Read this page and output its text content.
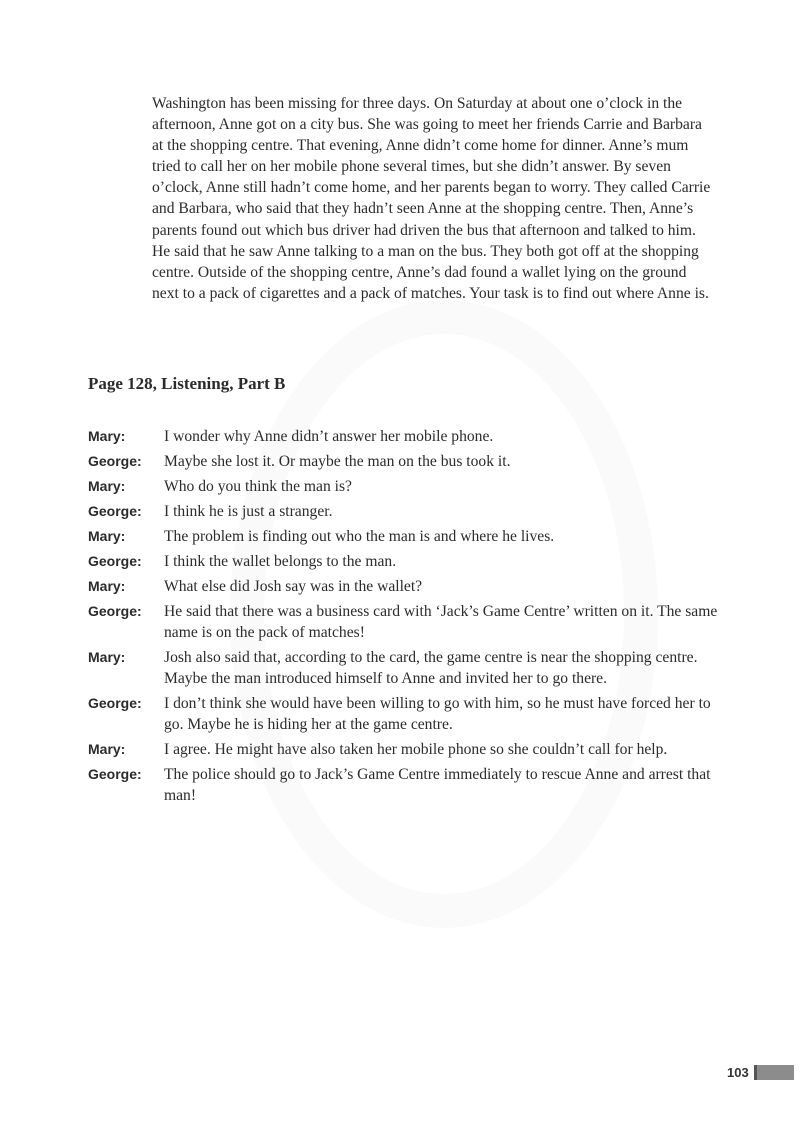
Washington has been missing for three days. On Saturday at about one o’clock in the afternoon, Anne got on a city bus. She was going to meet her friends Carrie and Barbara at the shopping centre. That evening, Anne didn’t come home for dinner. Anne’s mum tried to call her on her mobile phone several times, but she didn’t answer. By seven o’clock, Anne still hadn’t come home, and her parents began to worry. They called Carrie and Barbara, who said that they hadn’t seen Anne at the shopping centre. Then, Anne’s parents found out which bus driver had driven the bus that afternoon and talked to him. He said that he saw Anne talking to a man on the bus. They both got off at the shopping centre. Outside of the shopping centre, Anne’s dad found a wallet lying on the ground next to a pack of cigarettes and a pack of matches. Your task is to find out where Anne is.

Page 128, Listening, Part B
Mary:	I wonder why Anne didn’t answer her mobile phone.
George:	Maybe she lost it. Or maybe the man on the bus took it.
Mary:	Who do you think the man is?
George:	I think he is just a stranger.
Mary:	The problem is finding out who the man is and where he lives.
George:	I think the wallet belongs to the man.
Mary:	What else did Josh say was in the wallet?
George:	He said that there was a business card with ‘Jack’s Game Centre’ written on it. The same name is on the pack of matches!
Mary:	Josh also said that, according to the card, the game centre is near the shopping centre. Maybe the man introduced himself to Anne and invited her to go there.
George:	I don’t think she would have been willing to go with him, so he must have forced her to go. Maybe he is hiding her at the game centre.
Mary:	I agree. He might have also taken her mobile phone so she couldn’t call for help.
George:	The police should go to Jack’s Game Centre immediately to rescue Anne and arrest that man!
103
